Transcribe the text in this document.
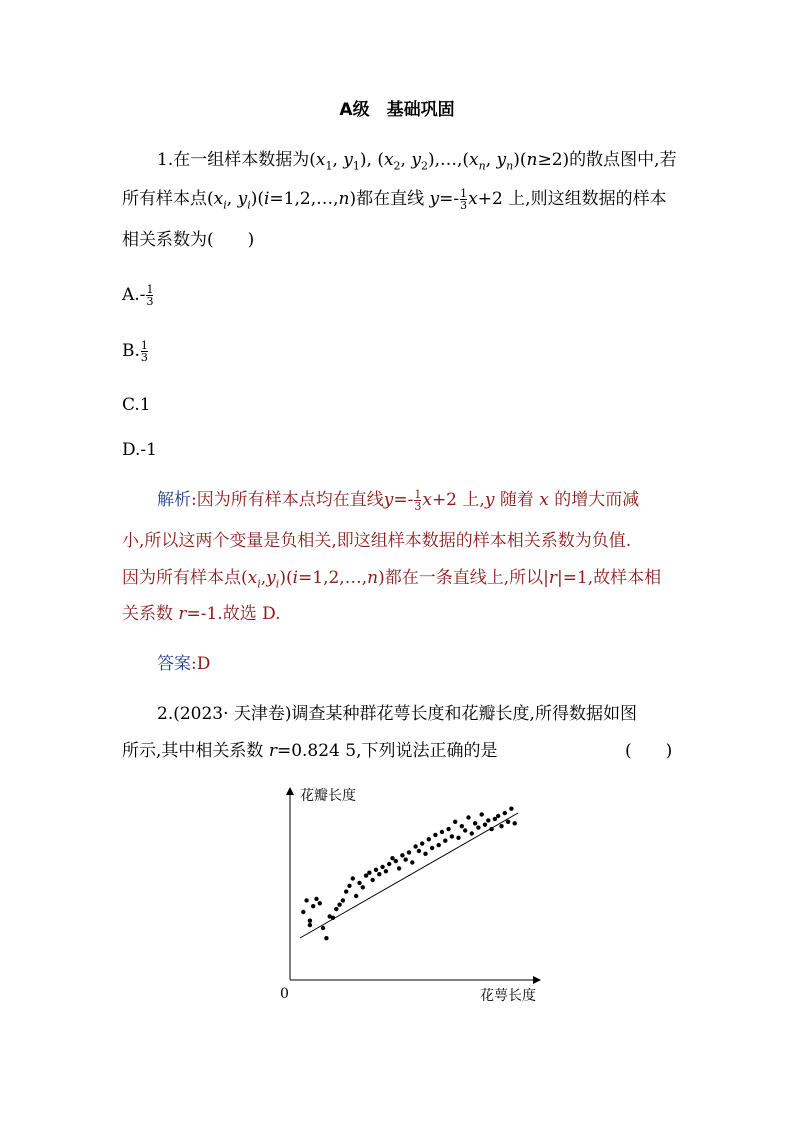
A级　基础巩固
1.在一组样本数据为($x_1$, $y_1$), ($x_2$, $y_2),\dots,(x_n$, $y_n)(n\ge 2)$的散点图中,若
所有样本点($x_i$, $y_i)(i=1,2,\dots,n)$都在直线 $y=- \frac{1}{3} x+2$ 上,则这组数据的样本
相关系数为(　　)
$A.- \frac{1}{3}$
B. $\frac{1}{3}$
C.1
D.-1
解析:因为所有样本点均在直线$y=- \frac{1}{3} x+2$ 上,y 随着 x 的增大而减
小,所以这两个变量是负相关,即这组样本数据的样本相关系数为负值.
因为所有样本点$(x_i,y_i)(i=1,2,\dots,n)$都在一条直线上,所以|r|=1,故样本相
关系数 r=-1.故选 D.
答案:D
2.(2023· 天津卷)调查某种群花萼长度和花瓣长度,所得数据如图
所示,其中相关系数 r=0.824 5,下列说法正确的是	(　　)
花瓣长度
花萼长度
0
